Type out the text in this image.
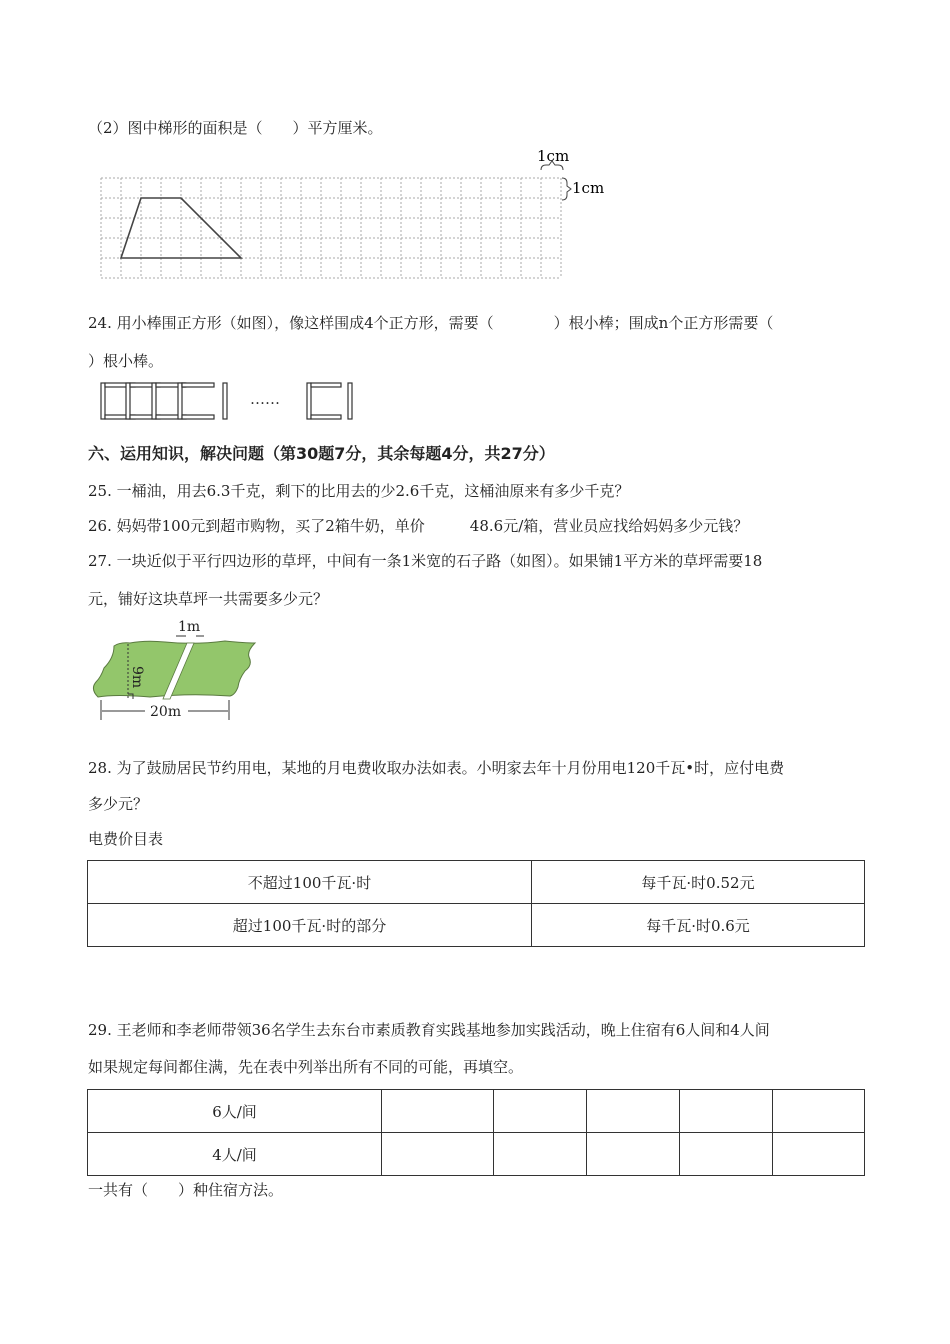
（2）图中梯形的面积是（　　）平方厘米。
1cm
1cm
24. 用小棒围正方形（如图），像这样围成4个正方形，需要（　　　　）根小棒；围成n个正方形需要（
）根小棒。
……
六、运用知识，解决问题（第30题7分，其余每题4分，共27分）
25. 一桶油，用去6.3千克，剩下的比用去的少2.6千克，这桶油原来有多少千克？
26. 妈妈带100元到超市购物，买了2箱牛奶，单价　　　48.6元/箱，营业员应找给妈妈多少元钱？
27. 一块近似于平行四边形的草坪，中间有一条1米宽的石子路（如图）。如果铺1平方米的草坪需要18
元，铺好这块草坪一共需要多少元？
9m
1m
20m
28. 为了鼓励居民节约用电，某地的月电费收取办法如表。小明家去年十月份用电120千瓦•时，应付电费
多少元？
电费价目表
不超过100千瓦·时	每千瓦·时0.52元
超过100千瓦·时的部分	每千瓦·时0.6元
29. 王老师和李老师带领36名学生去东台市素质教育实践基地参加实践活动，晚上住宿有6人间和4人间
如果规定每间都住满，先在表中列举出所有不同的可能，再填空。
6人/间					
4人/间					
一共有（　　）种住宿方法。
